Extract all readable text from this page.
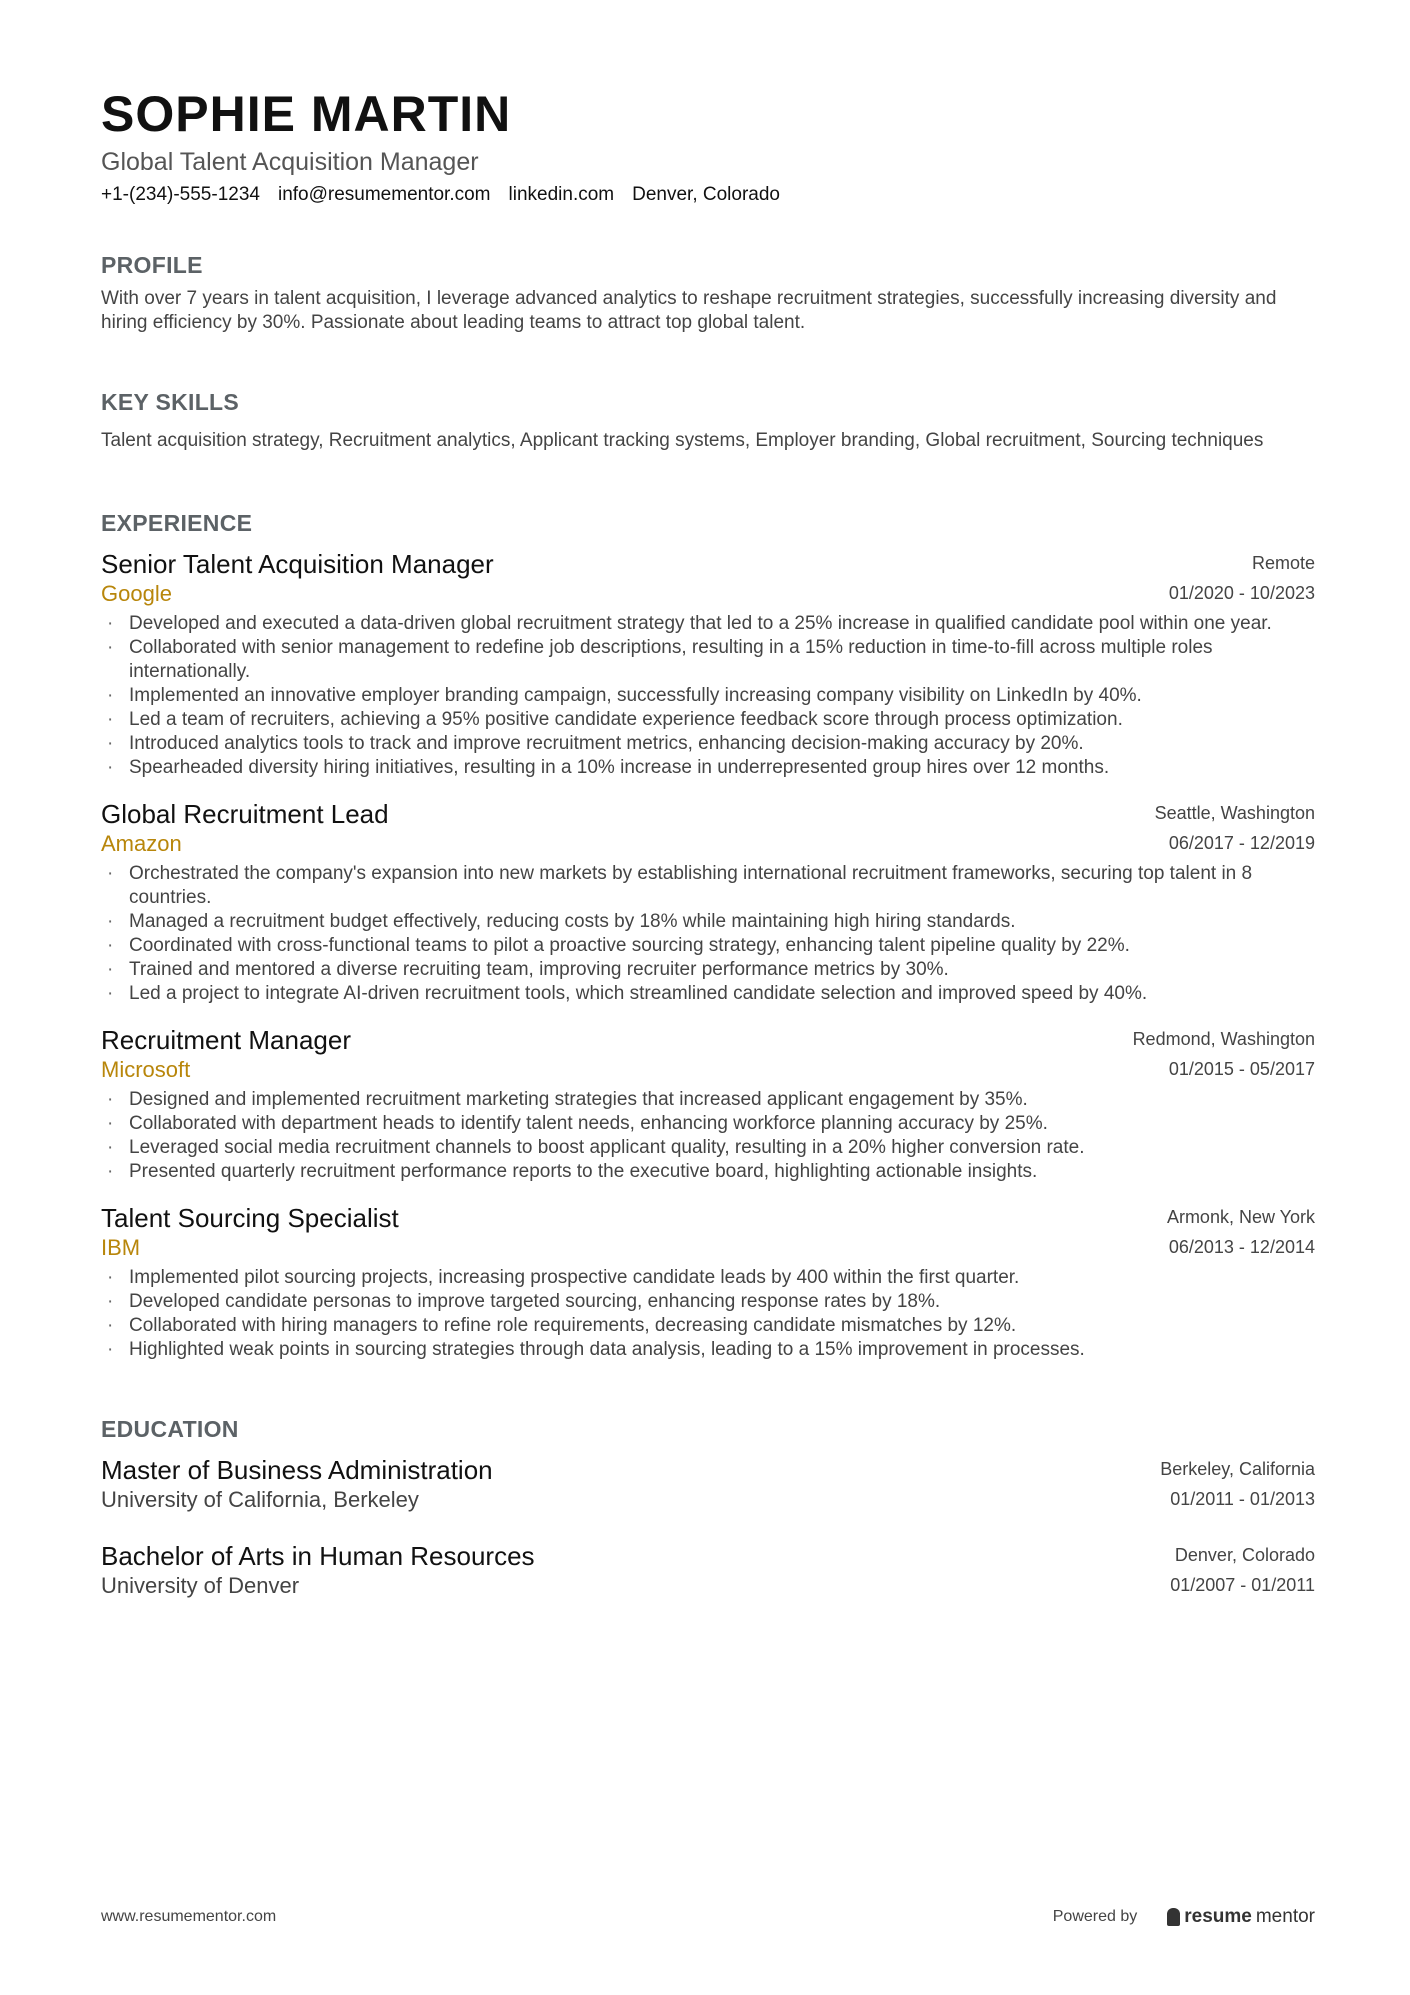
SOPHIE MARTIN
Global Talent Acquisition Manager
+1-(234)-555-1234 info@resumementor.com linkedin.com Denver, Colorado
PROFILE

With over 7 years in talent acquisition, I leverage advanced analytics to reshape recruitment strategies, successfully increasing diversity and hiring efficiency by 30%. Passionate about leading teams to attract top global talent.

KEY SKILLS

Talent acquisition strategy, Recruitment analytics, Applicant tracking systems, Employer branding, Global recruitment, Sourcing techniques

EXPERIENCE
Senior Talent Acquisition Manager
Google
Remote
01/2020 - 10/2023
· Developed and executed a data-driven global recruitment strategy that led to a 25% increase in qualified candidate pool within one year.
· Collaborated with senior management to redefine job descriptions, resulting in a 15% reduction in time-to-fill across multiple roles internationally.
· Implemented an innovative employer branding campaign, successfully increasing company visibility on LinkedIn by 40%.
· Led a team of recruiters, achieving a 95% positive candidate experience feedback score through process optimization.
· Introduced analytics tools to track and improve recruitment metrics, enhancing decision-making accuracy by 20%.
· Spearheaded diversity hiring initiatives, resulting in a 10% increase in underrepresented group hires over 12 months.
Global Recruitment Lead
Amazon
Seattle, Washington
06/2017 - 12/2019
· Orchestrated the company's expansion into new markets by establishing international recruitment frameworks, securing top talent in 8 countries.
· Managed a recruitment budget effectively, reducing costs by 18% while maintaining high hiring standards.
· Coordinated with cross-functional teams to pilot a proactive sourcing strategy, enhancing talent pipeline quality by 22%.
· Trained and mentored a diverse recruiting team, improving recruiter performance metrics by 30%.
· Led a project to integrate AI-driven recruitment tools, which streamlined candidate selection and improved speed by 40%.
Recruitment Manager
Microsoft
Redmond, Washington
01/2015 - 05/2017
· Designed and implemented recruitment marketing strategies that increased applicant engagement by 35%.
· Collaborated with department heads to identify talent needs, enhancing workforce planning accuracy by 25%.
· Leveraged social media recruitment channels to boost applicant quality, resulting in a 20% higher conversion rate.
· Presented quarterly recruitment performance reports to the executive board, highlighting actionable insights.
Talent Sourcing Specialist
IBM
Armonk, New York
06/2013 - 12/2014
· Implemented pilot sourcing projects, increasing prospective candidate leads by 400 within the first quarter.
· Developed candidate personas to improve targeted sourcing, enhancing response rates by 18%.
· Collaborated with hiring managers to refine role requirements, decreasing candidate mismatches by 12%.
· Highlighted weak points in sourcing strategies through data analysis, leading to a 15% improvement in processes.
EDUCATION
Master of Business Administration
University of California, Berkeley
Berkeley, California
01/2011 - 01/2013
Bachelor of Arts in Human Resources
University of Denver
Denver, Colorado
01/2007 - 01/2011
www.resumementor.com	Powered by resume mentor
